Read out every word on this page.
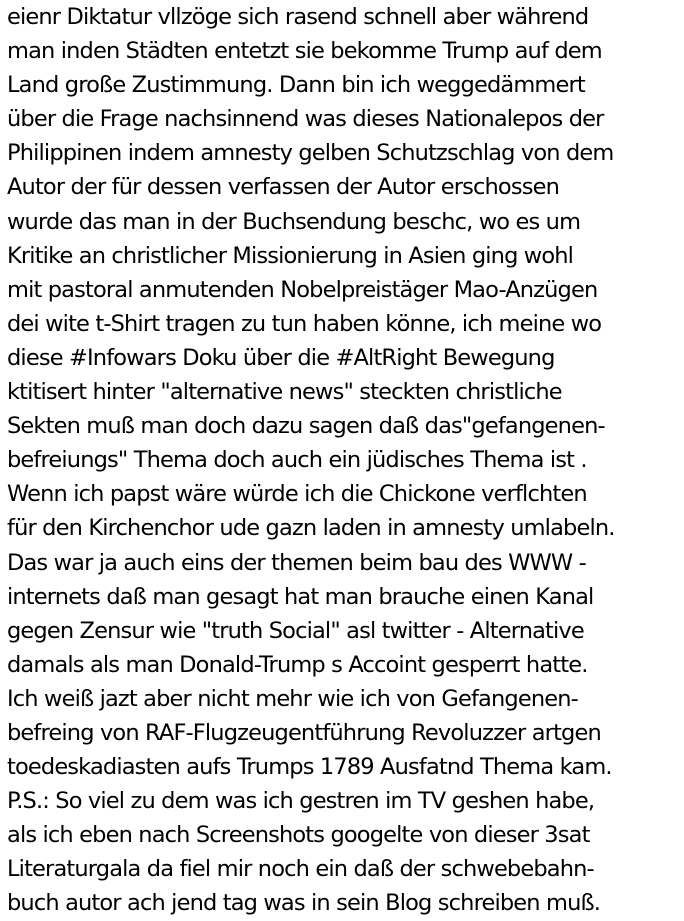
eienr Diktatur vllzöge sich rasend schnell aber während
man inden Städten entetzt sie bekomme Trump auf dem
Land große Zustimmung. Dann bin ich weggedämmert
über die Frage nachsinnend was dieses Nationalepos der
Philippinen indem amnesty gelben Schutzschlag von dem
Autor der für dessen verfassen der Autor erschossen
wurde das man in der Buchsendung beschc, wo es um
Kritike an christlicher Missionierung in Asien ging wohl
mit pastoral anmutenden Nobelpreistäger Mao-Anzügen
dei wite t-Shirt tragen zu tun haben könne, ich meine wo
diese #Infowars Doku über die #AltRight Bewegung
ktitisert hinter "alternative news" steckten christliche
Sekten muß man doch dazu sagen daß das"gefangenen-
befreiungs" Thema doch auch ein jüdisches Thema ist .
Wenn ich papst wäre würde ich die Chickone verflchten
für den Kirchenchor ude gazn laden in amnesty umlabeln.
Das war ja auch eins der themen beim bau des WWW -
internets daß man gesagt hat man brauche einen Kanal
gegen Zensur wie "truth Social" asl twitter - Alternative
damals als man Donald-Trump s Accoint gesperrt hatte.
Ich weiß jazt aber nicht mehr wie ich von Gefangenen-
befreing von RAF-Flugzeugentführung Revoluzzer artgen
toedeskadiasten aufs Trumps 1789 Ausfatnd Thema kam.
P.S.: So viel zu dem was ich gestren im TV geshen habe,
als ich eben nach Screenshots googelte von dieser 3sat
Literaturgala da fiel mir noch ein daß der schwebebahn-
buch autor ach jend tag was in sein Blog schreiben muß.
